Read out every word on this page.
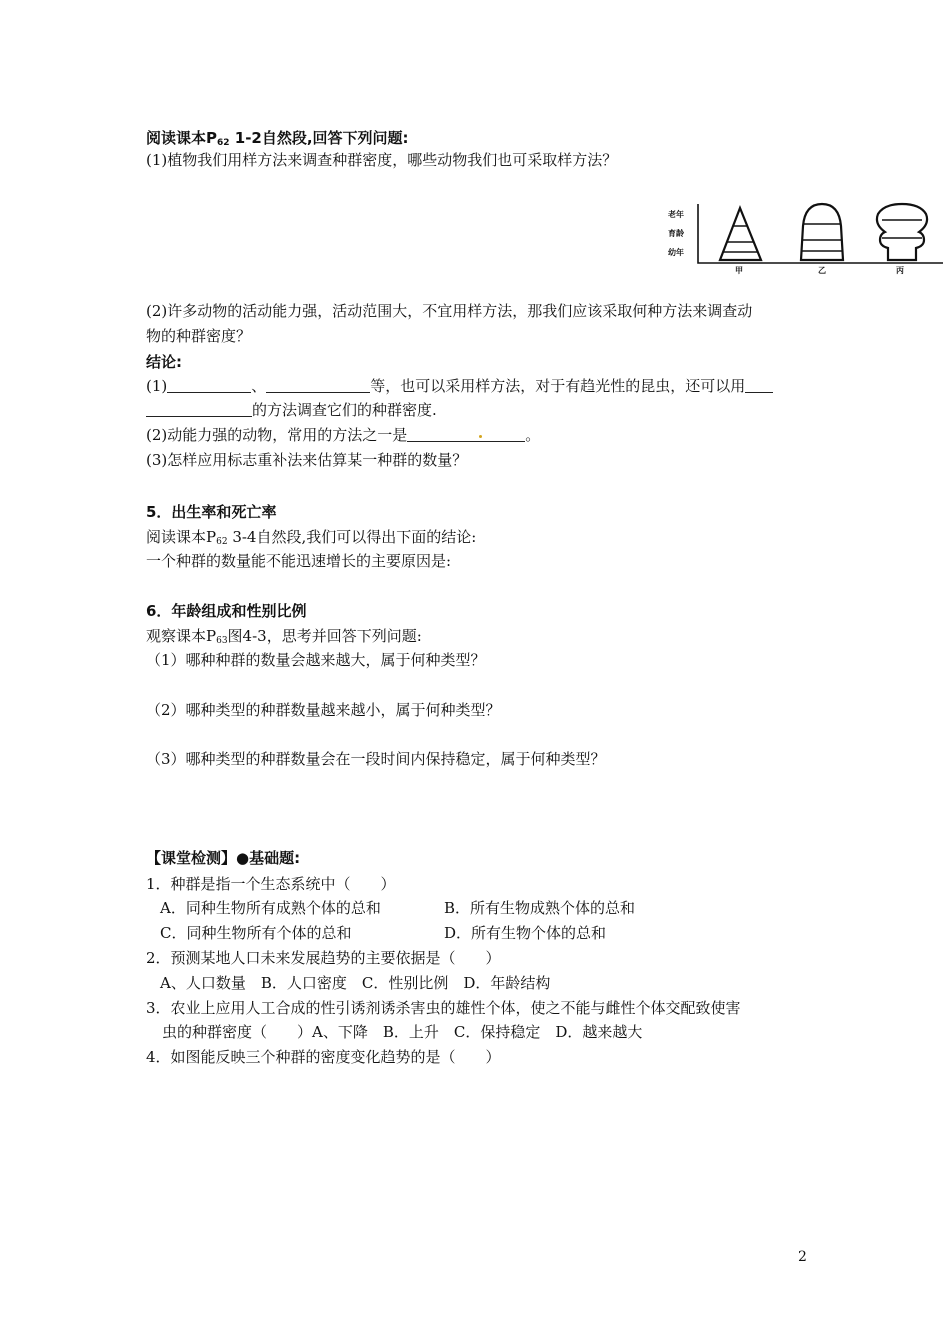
阅读课本$P_{62}$ 1-2自然段,回答下列问题:
(1)植物我们用样方法来调查种群密度，哪些动物我们也可采取样方法？
老年
育龄
幼年
甲	乙	丙
(2)许多动物的活动能力强，活动范围大，不宜用样方法，那我们应该采取何种方法来调查动
物的种群密度？
结论:
(1)	、	等，也可以采用样方法，对于有趋光性的昆虫，还可以用
的方法调查它们的种群密度.
(2)动能力强的动物，常用的方法之一是	。
(3)怎样应用标志重补法来估算某一种群的数量？
5．出生率和死亡率
阅读课本$P_{62}$ 3-4自然段,我们可以得出下面的结论:
一个种群的数量能不能迅速增长的主要原因是:
6．年龄组成和性别比例
观察课本$P_{63}$图4-3，思考并回答下列问题:
（1）哪种种群的数量会越来越大，属于何种类型？
（2）哪种类型的种群数量越来越小，属于何种类型？
（3）哪种类型的种群数量会在一段时间内保持稳定，属于何种类型？
【课堂检测】●基础题:
1．种群是指一个生态系统中（　　）
A．同种生物所有成熟个体的总和	B．所有生物成熟个体的总和
C．同种生物所有个体的总和	D．所有生物个体的总和
2．预测某地人口未来发展趋势的主要依据是（　　）
A、人口数量　B．人口密度　C．性别比例　D．年龄结构
3．农业上应用人工合成的性引诱剂诱杀害虫的雄性个体，使之不能与雌性个体交配致使害
虫的种群密度（　　）A、下降　B．上升　C．保持稳定　D．越来越大
4．如图能反映三个种群的密度变化趋势的是（　　）
2
